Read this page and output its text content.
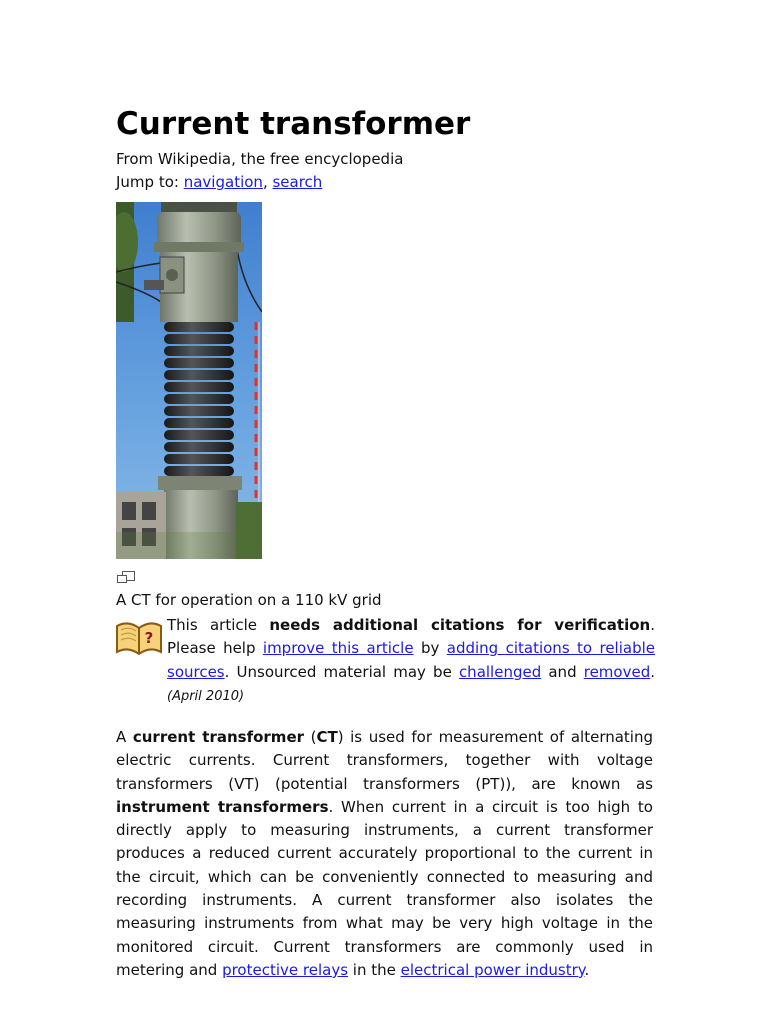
Current transformer
From Wikipedia, the free encyclopedia
Jump to: navigation, search
A CT for operation on a 110 kV grid
?
This article needs additional citations for verification. Please help improve this article by adding citations to reliable sources. Unsourced material may be challenged and removed. (April 2010)

A current transformer (CT) is used for measurement of alternating electric currents. Current transformers, together with voltage transformers (VT) (potential transformers (PT)), are known as instrument transformers. When current in a circuit is too high to directly apply to measuring instruments, a current transformer produces a reduced current accurately proportional to the current in the circuit, which can be conveniently connected to measuring and recording instruments. A current transformer also isolates the measuring instruments from what may be very high voltage in the monitored circuit. Current transformers are commonly used in metering and protective relays in the electrical power industry.
